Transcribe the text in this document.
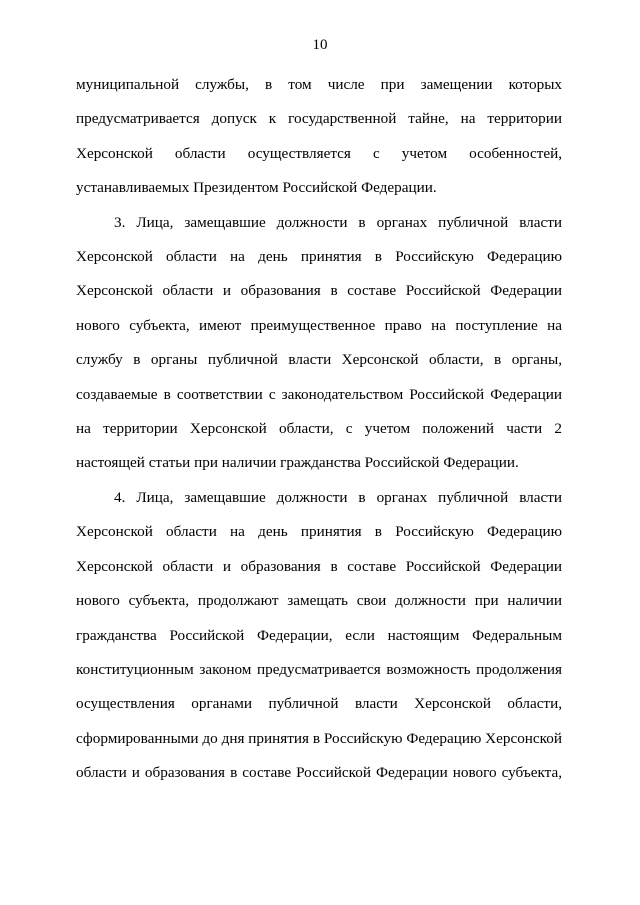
10

муниципальной службы, в том числе при замещении которых
предусматривается допуск к государственной тайне, на территории
Херсонской области осуществляется с учетом особенностей,
устанавливаемых Президентом Российской Федерации.

3. Лица, замещавшие должности в органах публичной власти
Херсонской области на день принятия в Российскую Федерацию
Херсонской области и образования в составе Российской Федерации
нового субъекта, имеют преимущественное право на поступление на
службу в органы публичной власти Херсонской области, в органы,
создаваемые в соответствии с законодательством Российской Федерации
на территории Херсонской области, с учетом положений части 2
настоящей статьи при наличии гражданства Российской Федерации.

4. Лица, замещавшие должности в органах публичной власти
Херсонской области на день принятия в Российскую Федерацию
Херсонской области и образования в составе Российской Федерации
нового субъекта, продолжают замещать свои должности при наличии
гражданства Российской Федерации, если настоящим Федеральным
конституционным законом предусматривается возможность продолжения
осуществления органами публичной власти Херсонской области,
сформированными до дня принятия в Российскую Федерацию Херсонской
области и образования в составе Российской Федерации нового субъекта,
